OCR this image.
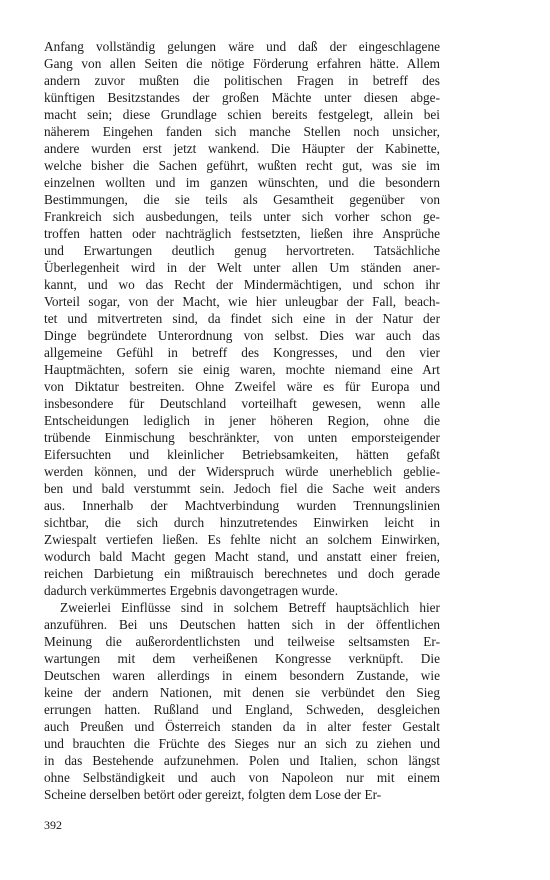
Anfang vollständig gelungen wäre und daß der eingeschlagene
Gang von allen Seiten die nötige Förderung erfahren hätte. Allem
andern zuvor mußten die politischen Fragen in betreff des
künftigen Besitzstandes der großen Mächte unter diesen abge-
macht sein; diese Grundlage schien bereits festgelegt, allein bei
näherem Eingehen fanden sich manche Stellen noch unsicher,
andere wurden erst jetzt wankend. Die Häupter der Kabinette,
welche bisher die Sachen geführt, wußten recht gut, was sie im
einzelnen wollten und im ganzen wünschten, und die besondern
Bestimmungen, die sie teils als Gesamtheit gegenüber von
Frankreich sich ausbedungen, teils unter sich vorher schon ge-
troffen hatten oder nachträglich festsetzten, ließen ihre Ansprüche
und Erwartungen deutlich genug hervortreten. Tatsächliche
Überlegenheit wird in der Welt unter allen Um ständen aner-
kannt, und wo das Recht der Mindermächtigen, und schon ihr
Vorteil sogar, von der Macht, wie hier unleugbar der Fall, beach-
tet und mitvertreten sind, da findet sich eine in der Natur der
Dinge begründete Unterordnung von selbst. Dies war auch das
allgemeine Gefühl in betreff des Kongresses, und den vier
Hauptmächten, sofern sie einig waren, mochte niemand eine Art
von Diktatur bestreiten. Ohne Zweifel wäre es für Europa und
insbesondere für Deutschland vorteilhaft gewesen, wenn alle
Entscheidungen lediglich in jener höheren Region, ohne die
trübende Einmischung beschränkter, von unten emporsteigender
Eifersuchten und kleinlicher Betriebsamkeiten, hätten gefaßt
werden können, und der Widerspruch würde unerheblich geblie-
ben und bald verstummt sein. Jedoch fiel die Sache weit anders
aus. Innerhalb der Machtverbindung wurden Trennungslinien
sichtbar, die sich durch hinzutretendes Einwirken leicht in
Zwiespalt vertiefen ließen. Es fehlte nicht an solchem Einwirken,
wodurch bald Macht gegen Macht stand, und anstatt einer freien,
reichen Darbietung ein mißtrauisch berechnetes und doch gerade
dadurch verkümmertes Ergebnis davongetragen wurde.
Zweierlei Einflüsse sind in solchem Betreff hauptsächlich hier
anzuführen. Bei uns Deutschen hatten sich in der öffentlichen
Meinung die außerordentlichsten und teilweise seltsamsten Er-
wartungen mit dem verheißenen Kongresse verknüpft. Die
Deutschen waren allerdings in einem besondern Zustande, wie
keine der andern Nationen, mit denen sie verbündet den Sieg
errungen hatten. Rußland und England, Schweden, desgleichen
auch Preußen und Österreich standen da in alter fester Gestalt
und brauchten die Früchte des Sieges nur an sich zu ziehen und
in das Bestehende aufzunehmen. Polen und Italien, schon längst
ohne Selbständigkeit und auch von Napoleon nur mit einem
Scheine derselben betört oder gereizt, folgten dem Lose der Er-
392
